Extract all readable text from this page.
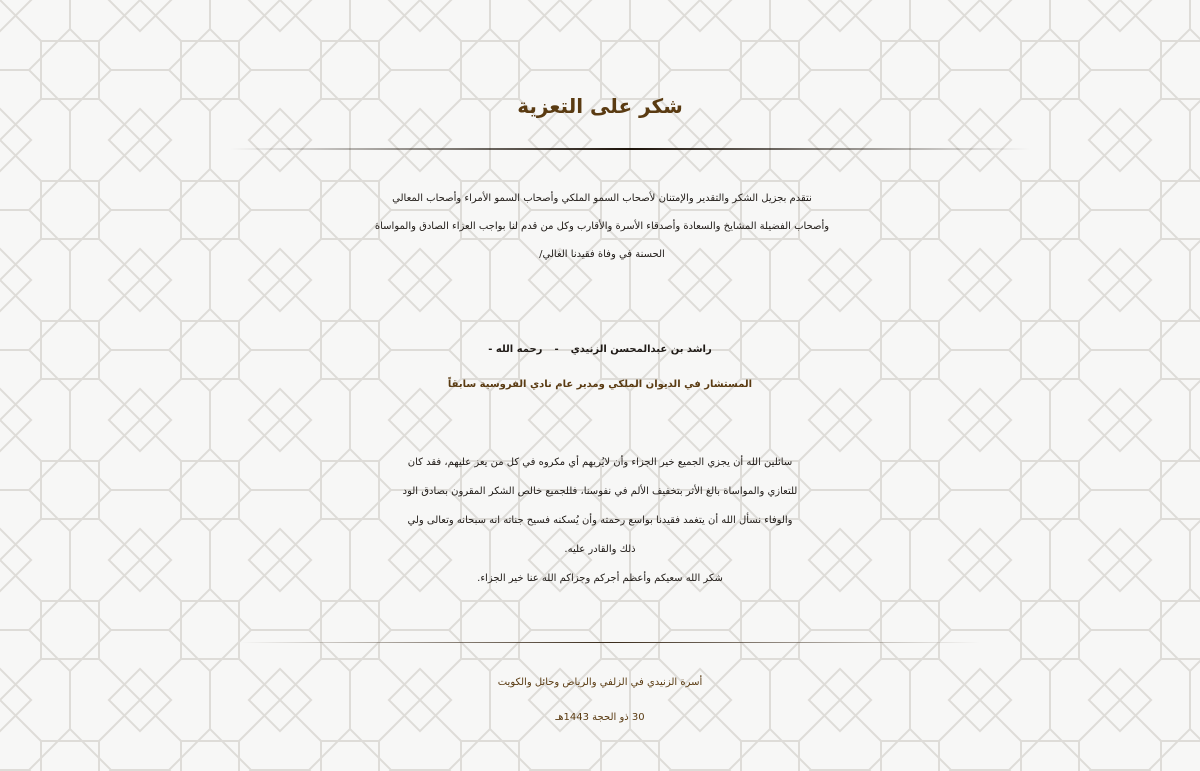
شكر على التعزية
نتقدم بجزيل الشكر والتقدير والإمتنان لأصحاب السمو الملكي وأصحاب السمو الأمراء وأصحاب المعالي
وأصحاب الفضيلة المشايخ والسعادة وأصدقاء الأسرة والأقارب وكل من قدم لنا بواجب العزاء الصادق والمواساة
الحسنة في وفاة فقيدنا الغالي/
راشد بن عبدالمحسن الزنيدي-رحمه الله -
المستشار في الديوان الملكي ومدير عام نادي الفروسية سابقاً
سائلين الله أن يجزي الجميع خير الجزاء وأن لايُريهم أي مكروه في كل من يعز عليهم، فقد كان
للتعازي والمواساة بالغ الأثر بتخفيف الألم في نفوسنا، فللجميع خالص الشكر المقرون بصادق الود
والوفاء نسأل الله أن يتغمد فقيدنا بواسع رحمته وأن يُسكنه فسيح جناته انه سبحانه وتعالى ولي
ذلك والقادر عليه.
شكر الله سعيكم وأعظم أجركم وجزاكم الله عنا خير الجزاء.
أسرة الزنيدي في الزلفي والرياض وحائل والكويت
30 ذو الحجة 1443هـ
